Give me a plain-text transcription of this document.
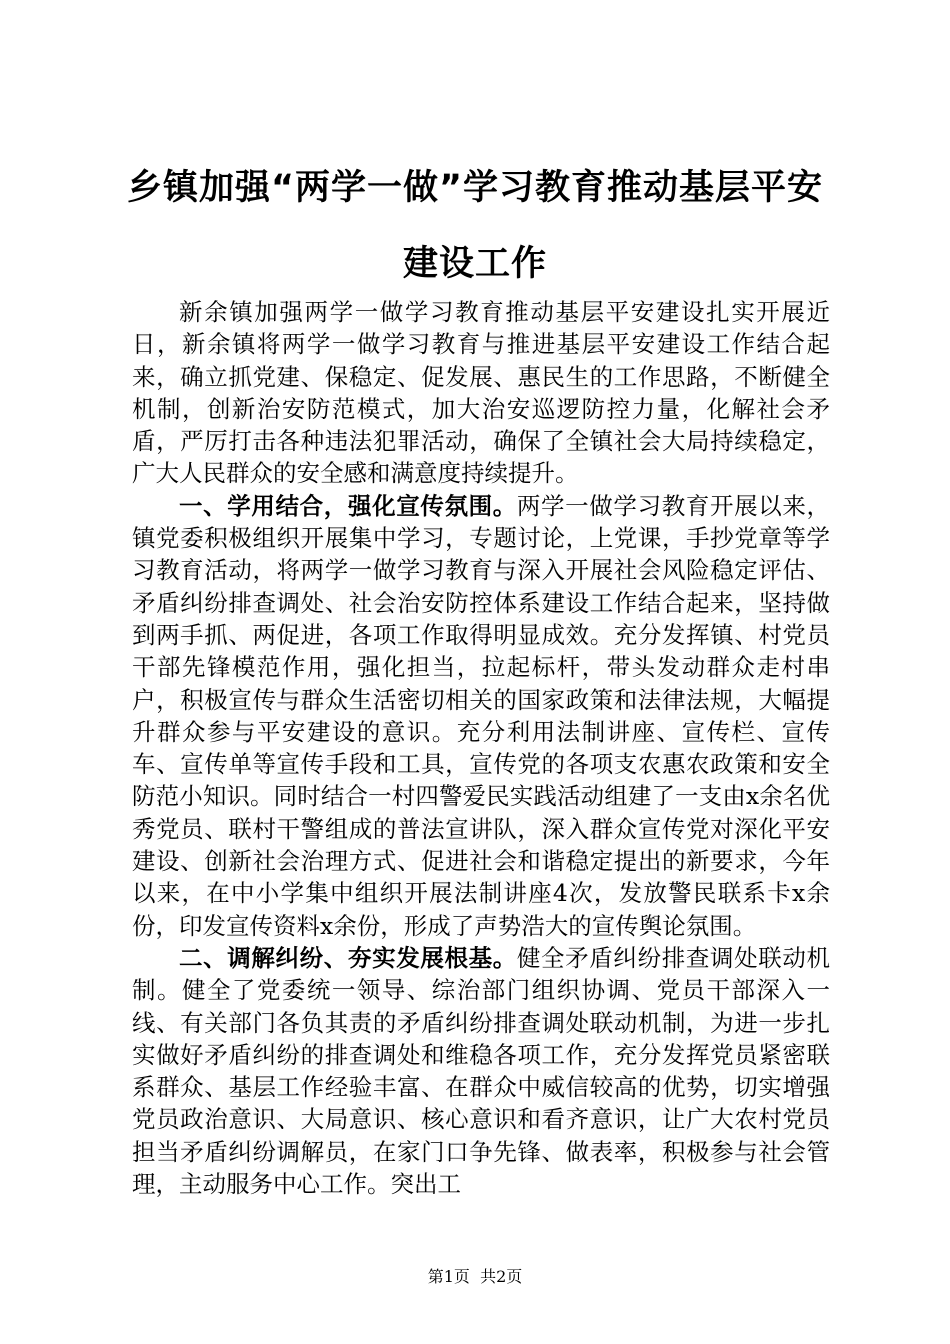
乡镇加强“两学一做”学习教育推动基层平安
建设工作

新余镇加强两学一做学习教育推动基层平安建设扎实开展近日，新余镇将两学一做学习教育与推进基层平安建设工作结合起来，确立抓党建、保稳定、促发展、惠民生的工作思路，不断健全机制，创新治安防范模式，加大治安巡逻防控力量，化解社会矛盾，严厉打击各种违法犯罪活动，确保了全镇社会大局持续稳定，广大人民群众的安全感和满意度持续提升。

一、学用结合，强化宣传氛围。两学一做学习教育开展以来，镇党委积极组织开展集中学习，专题讨论，上党课，手抄党章等学习教育活动，将两学一做学习教育与深入开展社会风险稳定评估、矛盾纠纷排查调处、社会治安防控体系建设工作结合起来，坚持做到两手抓、两促进，各项工作取得明显成效。充分发挥镇、村党员干部先锋模范作用，强化担当，拉起标杆，带头发动群众走村串户，积极宣传与群众生活密切相关的国家政策和法律法规，大幅提升群众参与平安建设的意识。充分利用法制讲座、宣传栏、宣传车、宣传单等宣传手段和工具，宣传党的各项支农惠农政策和安全防范小知识。同时结合一村四警爱民实践活动组建了一支由x余名优秀党员、联村干警组成的普法宣讲队，深入群众宣传党对深化平安建设、创新社会治理方式、促进社会和谐稳定提出的新要求，今年以来，在中小学集中组织开展法制讲座4次，发放警民联系卡x余份，印发宣传资料x余份，形成了声势浩大的宣传舆论氛围。

二、调解纠纷、夯实发展根基。健全矛盾纠纷排查调处联动机制。健全了党委统一领导、综治部门组织协调、党员干部深入一线、有关部门各负其责的矛盾纠纷排查调处联动机制，为进一步扎实做好矛盾纠纷的排查调处和维稳各项工作，充分发挥党员紧密联系群众、基层工作经验丰富、在群众中威信较高的优势，切实增强党员政治意识、大局意识、核心意识和看齐意识，让广大农村党员担当矛盾纠纷调解员，在家门口争先锋、做表率，积极参与社会管理，主动服务中心工作。突出工

第1页  共2页
